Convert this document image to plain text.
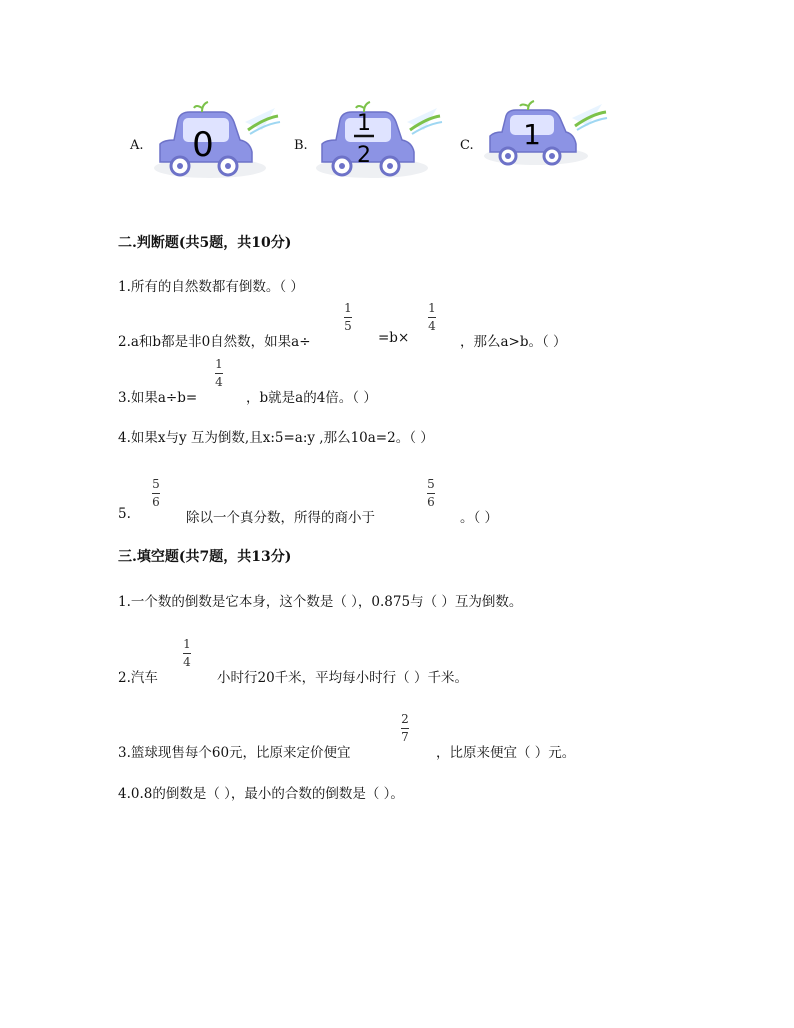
A. 0	B.
1
2	C. 1
二.判断题(共5题，共10分)
1.所有的自然数都有倒数。（ ）
2.a和b都是非0自然数，如果a÷
1
5
=b×
1
4
，那么a>b。（ ）
3.如果a÷b=
1
4
，b就是a的4倍。（ ）
4.如果x与y 互为倒数,且x:5=a:y ,那么10a=2。（ ）
5.
5
6
除以一个真分数，所得的商小于
5
6
。（ ）
三.填空题(共7题，共13分)
1.一个数的倒数是它本身，这个数是（ ），0.875与（ ）互为倒数。
2.汽车
1
4
小时行20千米，平均每小时行（ ）千米。
3.篮球现售每个60元，比原来定价便宜
2
7
，比原来便宜（ ）元。
4.0.8的倒数是（ ），最小的合数的倒数是（ ）。
